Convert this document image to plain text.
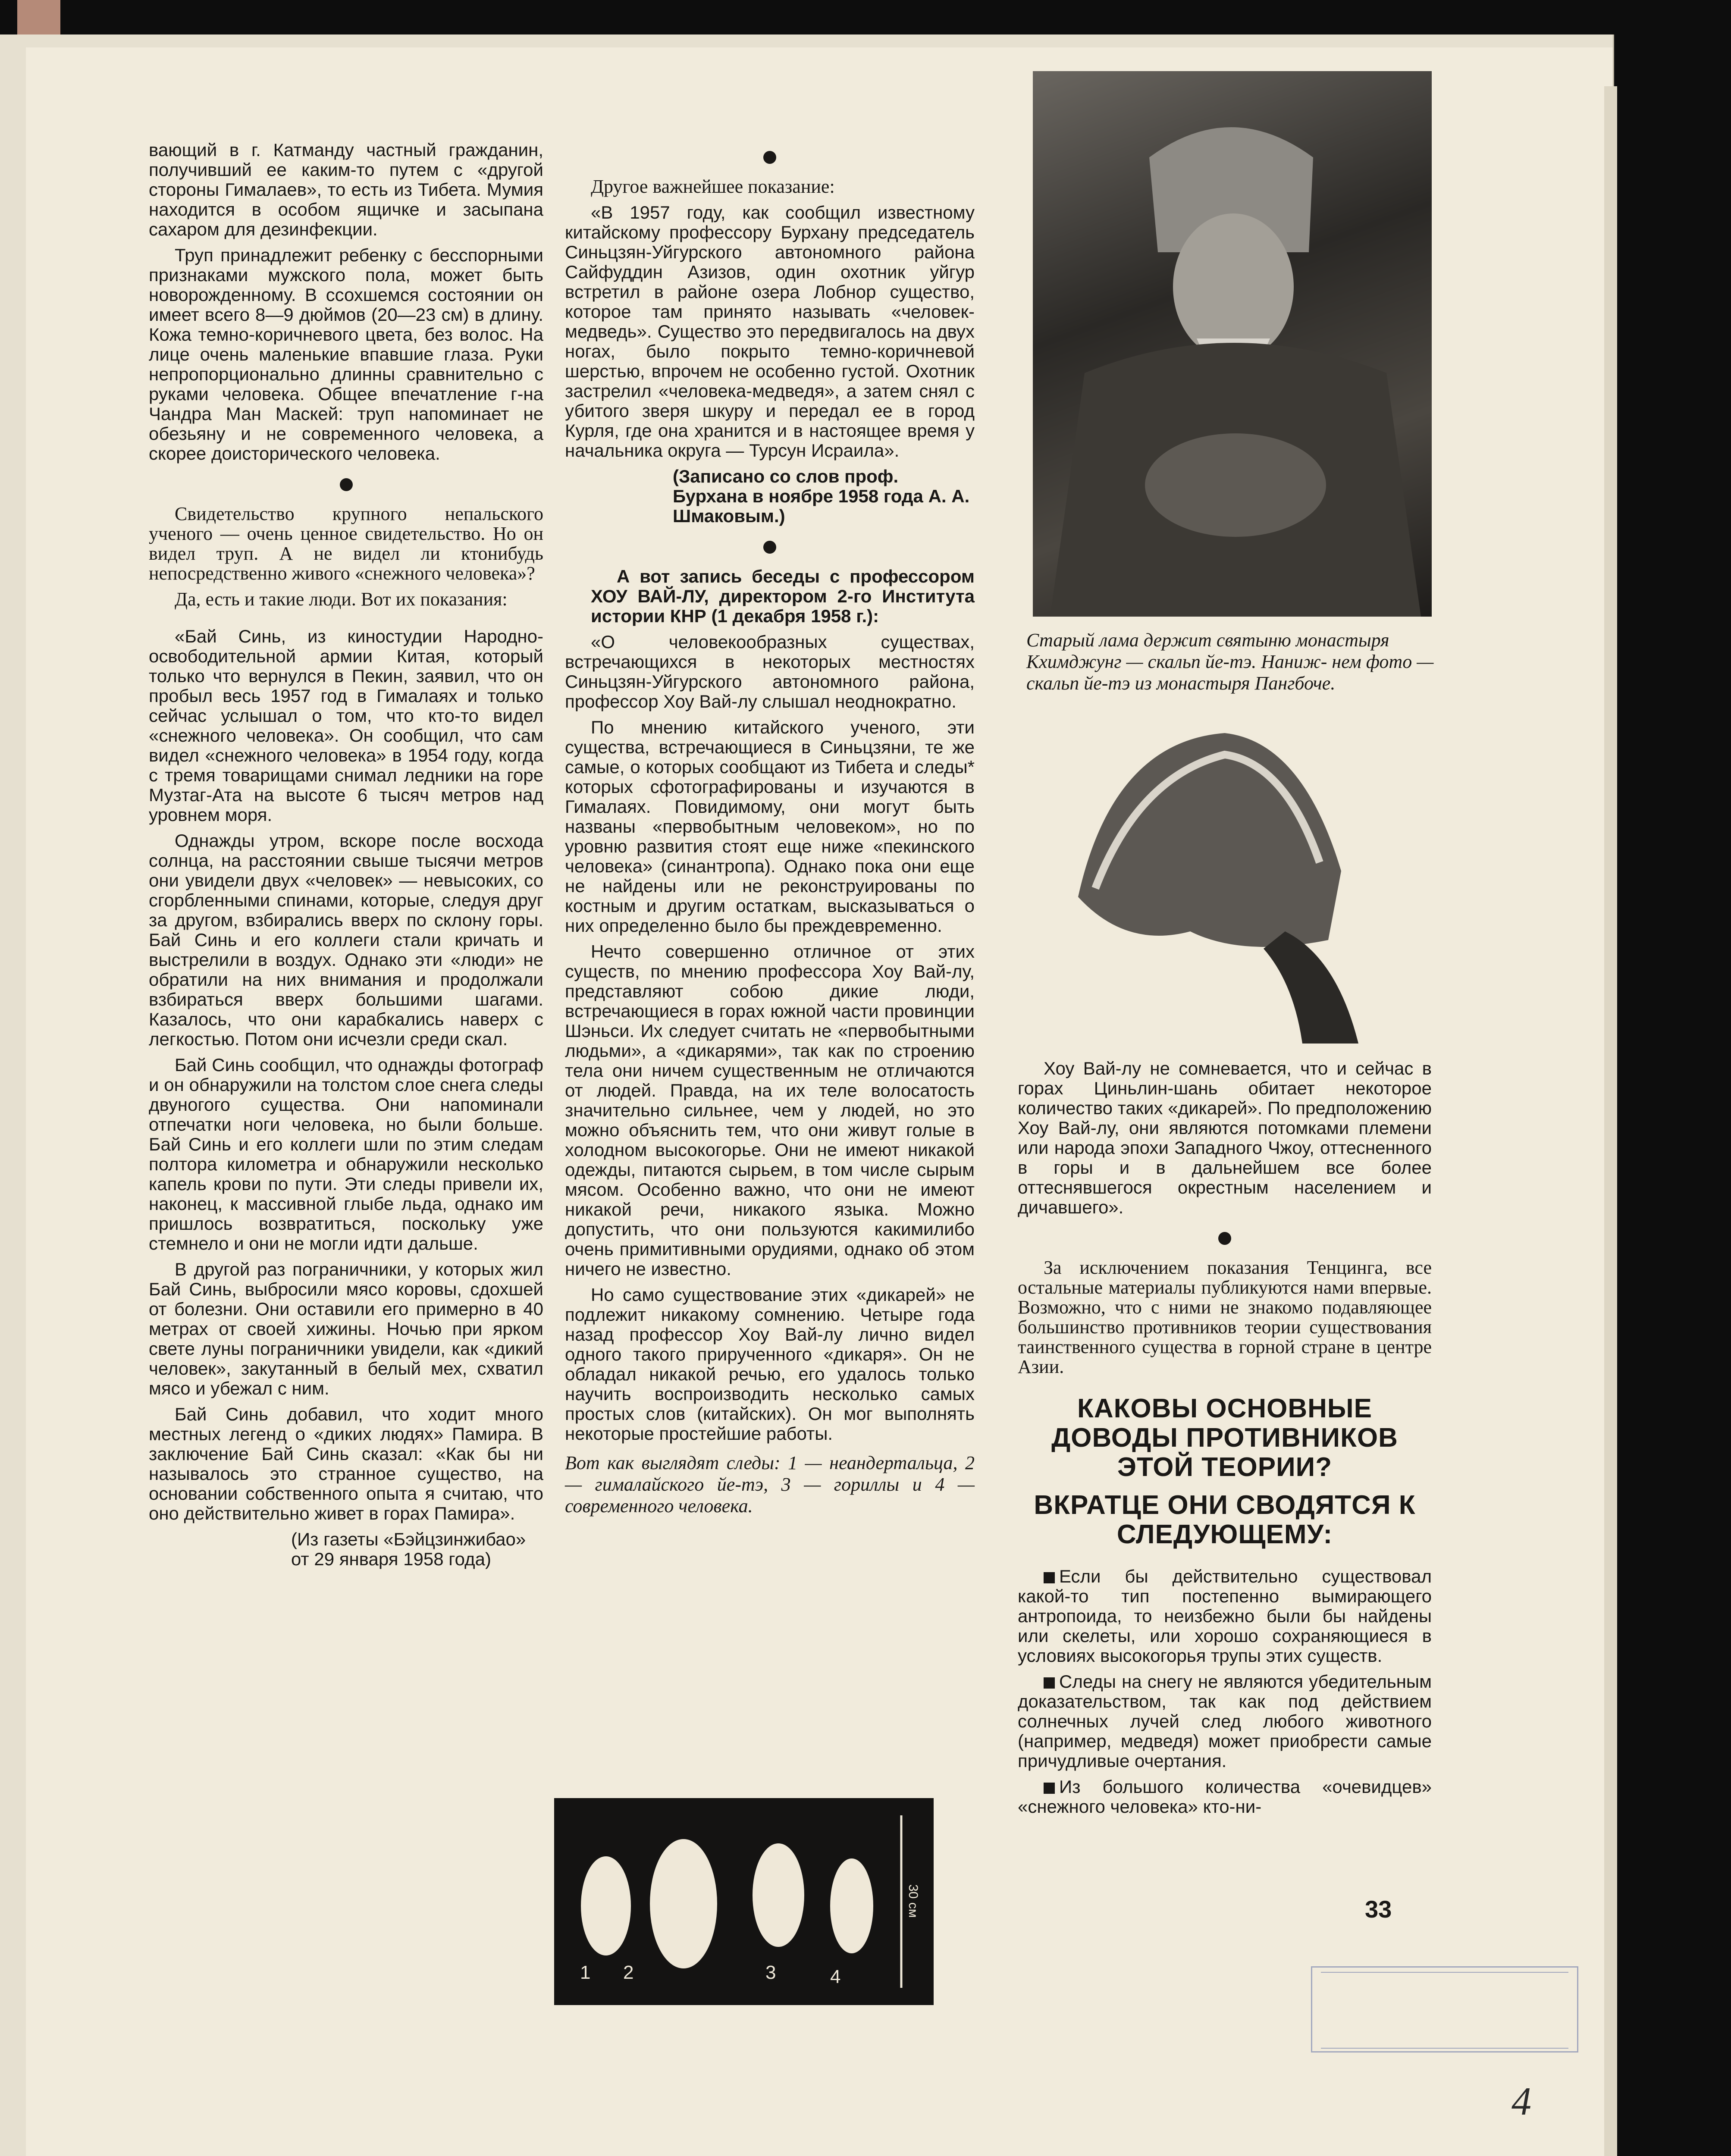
вающий в г. Катманду частный гражданин, получивший ее каким-то путем с «другой стороны Гималаев», то есть из Тибета. Мумия находится в особом ящичке и засыпана сахаром для дезинфекции.

Труп принадлежит ребенку с бесспорными признаками мужского пола, может быть новорожденному. В ссохшемся состоянии он имеет всего 8—9 дюймов (20—23 см) в длину. Кожа темно-коричневого цвета, без волос. На лице очень маленькие впавшие глаза. Руки непропорционально длинны сравнительно с руками человека. Общее впечатление г-на Чандра Ман Маскей: труп напоминает не обезьяну и не современного человека, а скорее доисторического человека.

Свидетельство крупного непальского ученого — очень ценное свидетельство. Но он видел труп. А не видел ли ктонибудь непосредственно живого «снежного человека»?

Да, есть и такие люди. Вот их показания:

«Бай Синь, из киностудии Народно-освободительной армии Китая, который только что вернулся в Пекин, заявил, что он пробыл весь 1957 год в Гималаях и только сейчас услышал о том, что кто-то видел «снежного человека». Он сообщил, что сам видел «снежного человека» в 1954 году, когда с тремя товарищами снимал ледники на горе Музтаг-Ата на высоте 6 тысяч метров над уровнем моря.

Однажды утром, вскоре после восхода солнца, на расстоянии свыше тысячи метров они увидели двух «человек» — невысоких, со сгорбленными спинами, которые, следуя друг за другом, взбирались вверх по склону горы. Бай Синь и его коллеги стали кричать и выстрелили в воздух. Однако эти «люди» не обратили на них внимания и продолжали взбираться вверх большими шагами. Казалось, что они карабкались наверх с легкостью. Потом они исчезли среди скал.

Бай Синь сообщил, что однажды фотограф и он обнаружили на толстом слое снега следы двуногого существа. Они напоминали отпечатки ноги человека, но были больше. Бай Синь и его коллеги шли по этим следам полтора километра и обнаружили несколько капель крови по пути. Эти следы привели их, наконец, к массивной глыбе льда, однако им пришлось возвратиться, поскольку уже стемнело и они не могли идти дальше.

В другой раз пограничники, у которых жил Бай Синь, выбросили мясо коровы, сдохшей от болезни. Они оставили его примерно в 40 метрах от своей хижины. Ночью при ярком свете луны пограничники увидели, как «дикий человек», закутанный в белый мех, схватил мясо и убежал с ним.

Бай Синь добавил, что ходит много местных легенд о «диких людях» Памира. В заключение Бай Синь сказал: «Как бы ни называлось это странное существо, на основании собственного опыта я считаю, что оно действительно живет в горах Памира».

(Из газеты «Бэйцзинжибао» от 29 января 1958 года)

Другое важнейшее показание:

«В 1957 году, как сообщил известному китайскому профессору Бурхану председатель Синьцзян-Уйгурского автономного района Сайфуддин Азизов, один охотник уйгур встретил в районе озера Лобнор существо, которое там принято называть «человек-медведь». Существо это передвигалось на двух ногах, было покрыто темно-коричневой шерстью, впрочем не особенно густой. Охотник застрелил «человека-медведя», а затем снял с убитого зверя шкуру и передал ее в город Курля, где она хранится и в настоящее время у начальника округа — Турсун Исраила».

(Записано со слов проф. Бурхана в ноябре 1958 года А. А. Шмаковым.)

А вот запись беседы с профессором ХОУ ВАЙ-ЛУ, директором 2-го Института истории КНР (1 декабря 1958 г.):

«О человекообразных существах, встречающихся в некоторых местностях Синьцзян-Уйгурского автономного района, профессор Хоу Вай-лу слышал неоднократно.

По мнению китайского ученого, эти существа, встречающиеся в Синьцзяни, те же самые, о которых сообщают из Тибета и следы* которых сфотографированы и изучаются в Гималаях. Повидимому, они могут быть названы «первобытным человеком», но по уровню развития стоят еще ниже «пекинского человека» (синантропа). Однако пока они еще не найдены или не реконструированы по костным и другим остаткам, высказываться о них определенно было бы преждевременно.

Нечто совершенно отличное от этих существ, по мнению профессора Хоу Вай-лу, представляют собою дикие люди, встречающиеся в горах южной части провинции Шэньси. Их следует считать не «первобытными людьми», а «дикарями», так как по строению тела они ничем существенным не отличаются от людей. Правда, на их теле волосатость значительно сильнее, чем у людей, но это можно объяснить тем, что они живут голые в холодном высокогорье. Они не имеют никакой одежды, питаются сырьем, в том числе сырым мясом. Особенно важно, что они не имеют никакой речи, никакого языка. Можно допустить, что они пользуются какимилибо очень примитивными орудиями, однако об этом ничего не известно.

Но само существование этих «дикарей» не подлежит никакому сомнению. Четыре года назад профессор Хоу Вай-лу лично видел одного такого прирученного «дикаря». Он не обладал никакой речью, его удалось только научить воспроизводить несколько самых простых слов (китайских). Он мог выполнять некоторые простейшие работы.

Вот как выглядят следы: 1 — неандертальца, 2 — гималайского йе-тэ, 3 — гориллы и 4 — современного человека.

1 2	3	4
30 см
Старый лама держит святыню монастыря Кхимджунг — скальп йе-тэ. Наниж- нем фото — скальп йе-тэ из монастыря Пангбоче.

Хоу Вай-лу не сомневается, что и сейчас в горах Циньлин-шань обитает некоторое количество таких «дикарей». По предположению Хоу Вай-лу, они являются потомками племени или народа эпохи Западного Чжоу, оттесненного в горы и в дальнейшем все более оттеснявшегося окрестным населением и дичавшего».

За исключением показания Тенцинга, все остальные материалы публикуются нами впервые. Возможно, что с ними не знакомо подавляющее большинство противников теории существования таинственного существа в горной стране в центре Азии.

КАКОВЫ ОСНОВНЫЕ ДОВОДЫ ПРОТИВНИКОВ ЭТОЙ ТЕОРИИ?
ВКРАТЦЕ ОНИ СВОДЯТСЯ К СЛЕДУЮЩЕМУ:

Если бы действительно существовал какой-то тип постепенно вымирающего антропоида, то неизбежно были бы найдены или скелеты, или хорошо сохраняющиеся в условиях высокогорья трупы этих существ.

Следы на снегу не являются убедительным доказательством, так как под действием солнечных лучей след любого животного (например, медведя) может приобрести самые причудливые очертания.

Из большого количества «очевидцев» «снежного человека» кто-ни-

33
4
